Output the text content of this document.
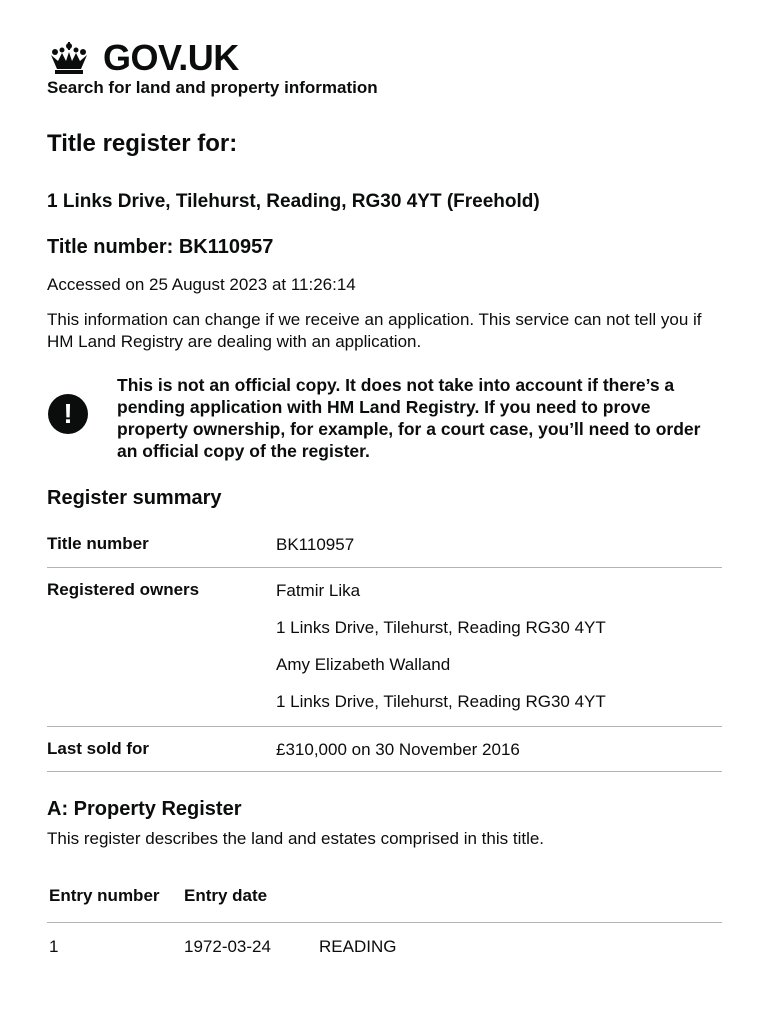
GOV.UK
Search for land and property information
Title register for:
1 Links Drive, Tilehurst, Reading, RG30 4YT (Freehold)
Title number: BK110957
Accessed on 25 August 2023 at 11:26:14
This information can change if we receive an application. This service can not tell you if HM Land Registry are dealing with an application.
!
This is not an official copy. It does not take into account if there’s a pending application with HM Land Registry. If you need to prove property ownership, for example, for a court case, you’ll need to order an official copy of the register.
Register summary
Title number	BK110957

Registered owners	Fatmir Lika

1 Links Drive, Tilehurst, Reading RG30 4YT

Amy Elizabeth Walland

1 Links Drive, Tilehurst, Reading RG30 4YT

Last sold for	£310,000 on 30 November 2016

A: Property Register
This register describes the land and estates comprised in this title.
Entry number	Entry date
1	1972-03-24	READING
